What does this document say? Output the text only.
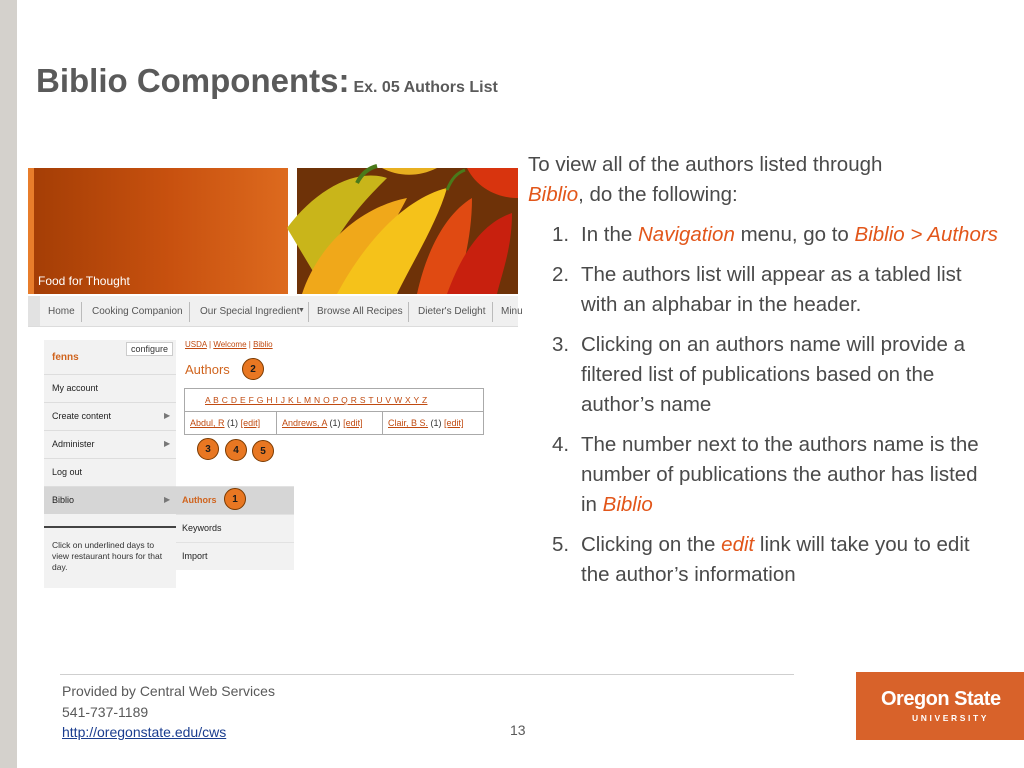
Biblio Components: Ex. 05 Authors List
Food for Thought
Home Cooking Companion Our Special Ingredient
▼ Browse All Recipes Dieter's Delight Minu
configure
fenns
My account
Create content	▶
Administer	▶
Log out
Biblio	▶
Click on underlined days to view restaurant hours for that day.
Authors
Keywords
Import
USDA | Welcome | Biblio
Authors
A B C D E F G H I J K L M N O P Q R S T U V W X Y Z
Abdul, R (1) [edit] Andrews, A (1) [edit]	Clair, B S. (1) [edit]
1
2
3	4	5

To view all of the authors listed through
Biblio, do the following:

1. In the Navigation menu, go to Biblio > Authors
2. The authors list will appear as a tabled list with an alphabar in the header.
3. Clicking on an authors name will provide a filtered list of publications based on the author’s name
4. The number next to the authors name is the number of publications the author has listed in Biblio
5. Clicking on the edit link will take you to edit the author’s information
Provided by Central Web Services
541-737-1189
http://oregonstate.edu/cws	13
Oregon State
UNIVERSITY
